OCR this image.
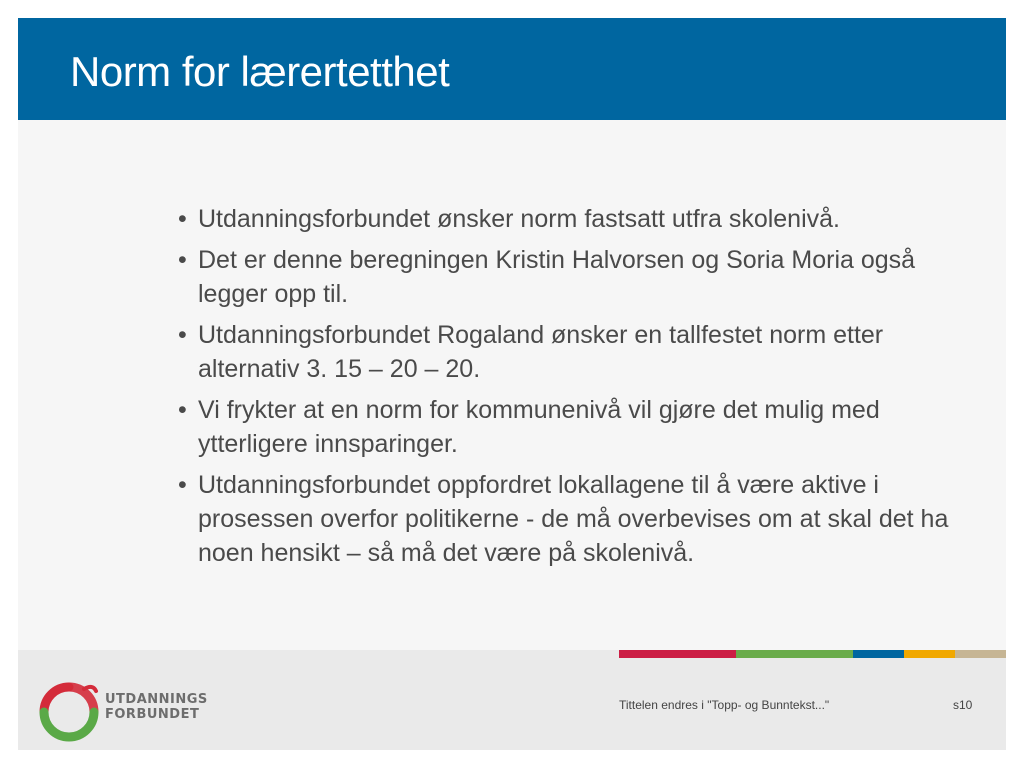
Norm for lærertetthet
• Utdanningsforbundet ønsker norm fastsatt utfra skolenivå.
• Det er denne beregningen Kristin Halvorsen og Soria Moria også legger opp til.
• Utdanningsforbundet Rogaland ønsker en tallfestet norm etter alternativ 3. 15 – 20 – 20.
• Vi frykter at en norm for kommunenivå vil gjøre det mulig med ytterligere innsparinger.
• Utdanningsforbundet oppfordret lokallagene til å være aktive i prosessen overfor politikerne - de må overbevises om at skal det ha noen hensikt – så må det være på skolenivå.
UTDANNINGS
FORBUNDET
Tittelen endres i "Topp- og Bunntekst..."	s10
